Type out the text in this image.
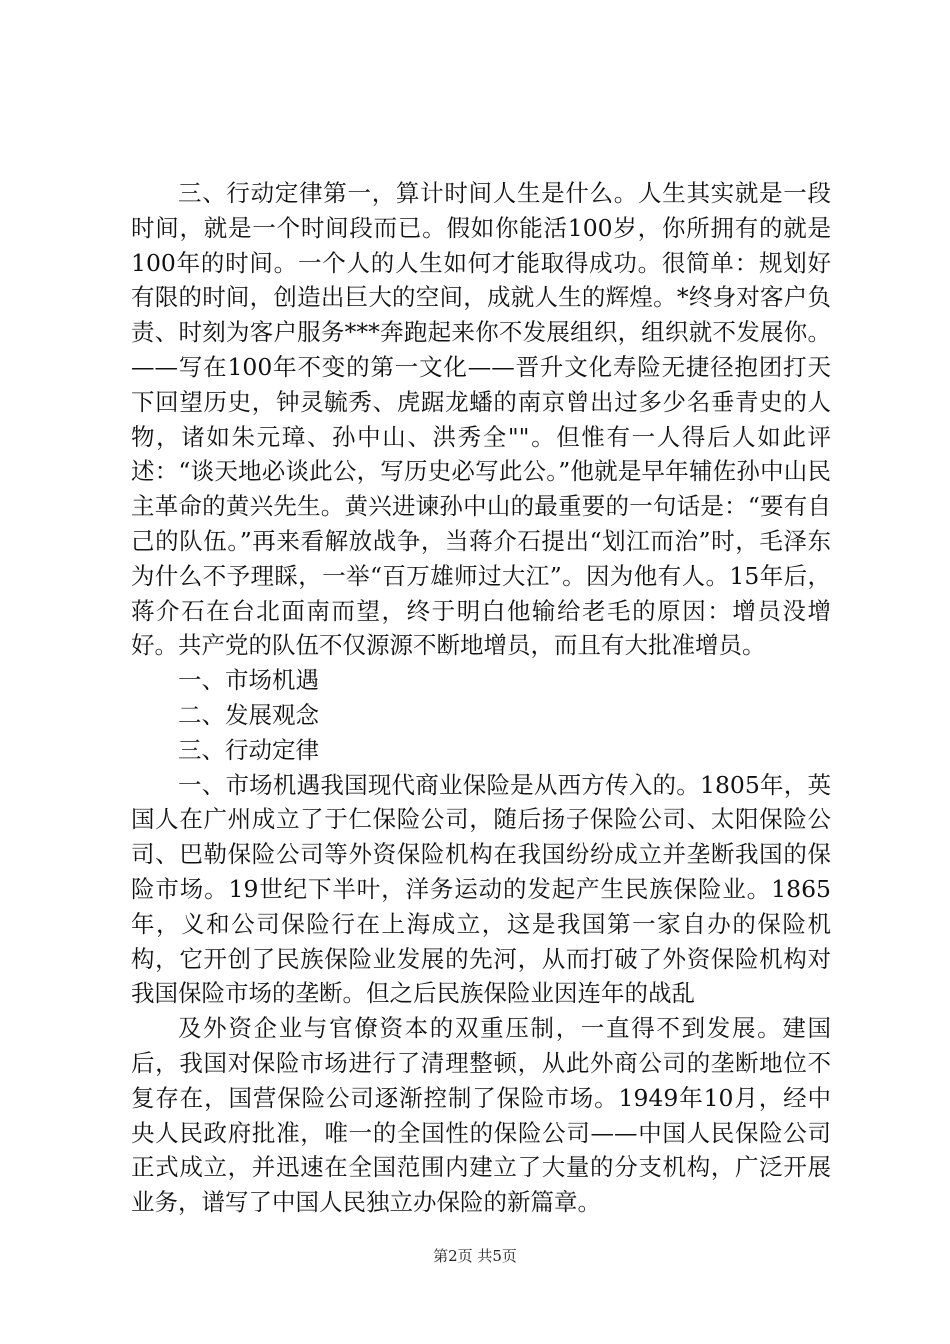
三、行动定律第一，算计时间人生是什么。人生其实就是一段时间，就是一个时间段而已。假如你能活100岁，你所拥有的就是100年的时间。一个人的人生如何才能取得成功。很简单：规划好有限的时间，创造出巨大的空间，成就人生的辉煌。*终身对客户负责、时刻为客户服务***奔跑起来你不发展组织，组织就不发展你。——写在100年不变的第一文化——晋升文化寿险无捷径抱团打天下回望历史，钟灵毓秀、虎踞龙蟠的南京曾出过多少名垂青史的人物，诸如朱元璋、孙中山、洪秀全""。但惟有一人得后人如此评述：“谈天地必谈此公，写历史必写此公。”他就是早年辅佐孙中山民主革命的黄兴先生。黄兴进谏孙中山的最重要的一句话是：“要有自己的队伍。”再来看解放战争，当蒋介石提出“划江而治”时，毛泽东为什么不予理睬，一举“百万雄师过大江”。因为他有人。15年后，蒋介石在台北面南而望，终于明白他输给老毛的原因：增员没增好。共产党的队伍不仅源源不断地增员，而且有大批准增员。

一、市场机遇

二、发展观念

三、行动定律

一、市场机遇我国现代商业保险是从西方传入的。1805年，英国人在广州成立了于仁保险公司，随后扬子保险公司、太阳保险公司、巴勒保险公司等外资保险机构在我国纷纷成立并垄断我国的保险市场。19世纪下半叶，洋务运动的发起产生民族保险业。1865年，义和公司保险行在上海成立，这是我国第一家自办的保险机构，它开创了民族保险业发展的先河，从而打破了外资保险机构对我国保险市场的垄断。但之后民族保险业因连年的战乱

及外资企业与官僚资本的双重压制，一直得不到发展。建国后，我国对保险市场进行了清理整顿，从此外商公司的垄断地位不复存在，国营保险公司逐渐控制了保险市场。1949年10月，经中央人民政府批准，唯一的全国性的保险公司——中国人民保险公司正式成立，并迅速在全国范围内建立了大量的分支机构，广泛开展业务，谱写了中国人民独立办保险的新篇章。

第2页 共5页
